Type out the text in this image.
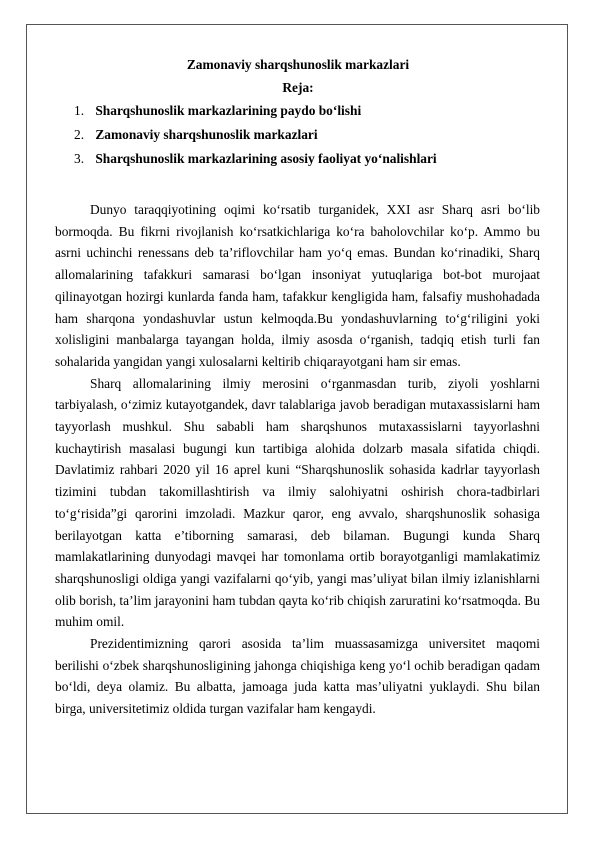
Zamonaviy sharqshunoslik markazlari
Reja:
1. Sharqshunoslik markazlarining paydo bo‘lishi
2. Zamonaviy sharqshunoslik markazlari
3. Sharqshunoslik markazlarining asosiy faoliyat yo‘nalishlari

Dunyo taraqqiyotining oqimi ko‘rsatib turganidek, XXI asr Sharq asri bo‘lib bormoqda. Bu fikrni rivojlanish ko‘rsatkichlariga ko‘ra baholovchilar ko‘p. Ammo bu asrni uchinchi renessans deb ta’riflovchilar ham yo‘q emas. Bundan ko‘rinadiki, Sharq allomalarining tafakkuri samarasi bo‘lgan insoniyat yutuqlariga bot-bot murojaat qilinayotgan hozirgi kunlarda fanda ham, tafakkur kengligida ham, falsafiy mushohadada ham sharqona yondashuvlar ustun kelmoqda.Bu yondashuvlarning to‘g‘riligini yoki xolisligini manbalarga tayangan holda, ilmiy asosda o‘rganish, tadqiq etish turli fan sohalarida yangidan yangi xulosalarni keltirib chiqarayotgani ham sir emas.

Sharq allomalarining ilmiy merosini o‘rganmasdan turib, ziyoli yoshlarni tarbiyalash, o‘zimiz kutayotgandek, davr talablariga javob beradigan mutaxassislarni ham tayyorlash mushkul. Shu sababli ham sharqshunos mutaxassislarni tayyorlashni kuchaytirish masalasi bugungi kun tartibiga alohida dolzarb masala sifatida chiqdi. Davlatimiz rahbari 2020 yil 16 aprel kuni “Sharqshunoslik sohasida kadrlar tayyorlash tizimini tubdan takomillashtirish va ilmiy salohiyatni oshirish chora-tadbirlari to‘g‘risida”gi qarorini imzoladi. Mazkur qaror, eng avvalo, sharqshunoslik sohasiga berilayotgan katta e’tiborning samarasi, deb bilaman. Bugungi kunda Sharq mamlakatlarining dunyodagi mavqei har tomonlama ortib borayotganligi mamlakatimiz sharqshunosligi oldiga yangi vazifalarni qo‘yib, yangi mas’uliyat bilan ilmiy izlanishlarni olib borish, ta’lim jarayonini ham tubdan qayta ko‘rib chiqish zaruratini ko‘rsatmoqda. Bu muhim omil.

Prezidentimizning qarori asosida ta’lim muassasamizga universitet maqomi berilishi o‘zbek sharqshunosligining jahonga chiqishiga keng yo‘l ochib beradigan qadam bo‘ldi, deya olamiz. Bu albatta, jamoaga juda katta mas’uliyatni yuklaydi. Shu bilan birga, universitetimiz oldida turgan vazifalar ham kengaydi.
